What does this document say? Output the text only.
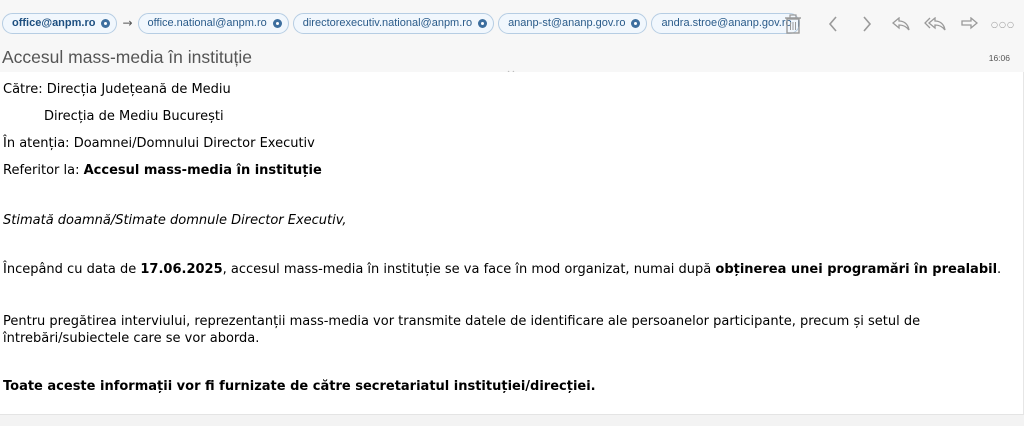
office@anpm.ro → office.national@anpm.ro	directorexecutiv.national@anpm.ro	ananp-st@ananp.gov.ro	andra.stroe@ananp.gov.ro	○○○
Accesul mass-media în instituție	16:06
Către: Direcția Județeană de Mediu
Direcția de Mediu București
În atenția: Doamnei/Domnului Director Executiv
Referitor la: Accesul mass-media în instituție
Stimată doamnă/Stimate domnule Director Executiv,
Începând cu data de 17.06.2025, accesul mass-media în instituție se va face în mod organizat, numai după obținerea unei programări în prealabil.
Pentru pregătirea interviului, reprezentanții mass-media vor transmite datele de identificare ale persoanelor participante, precum și setul de întrebări/subiectele care se vor aborda.
Toate aceste informații vor fi furnizate de către secretariatul instituției/direcției.
